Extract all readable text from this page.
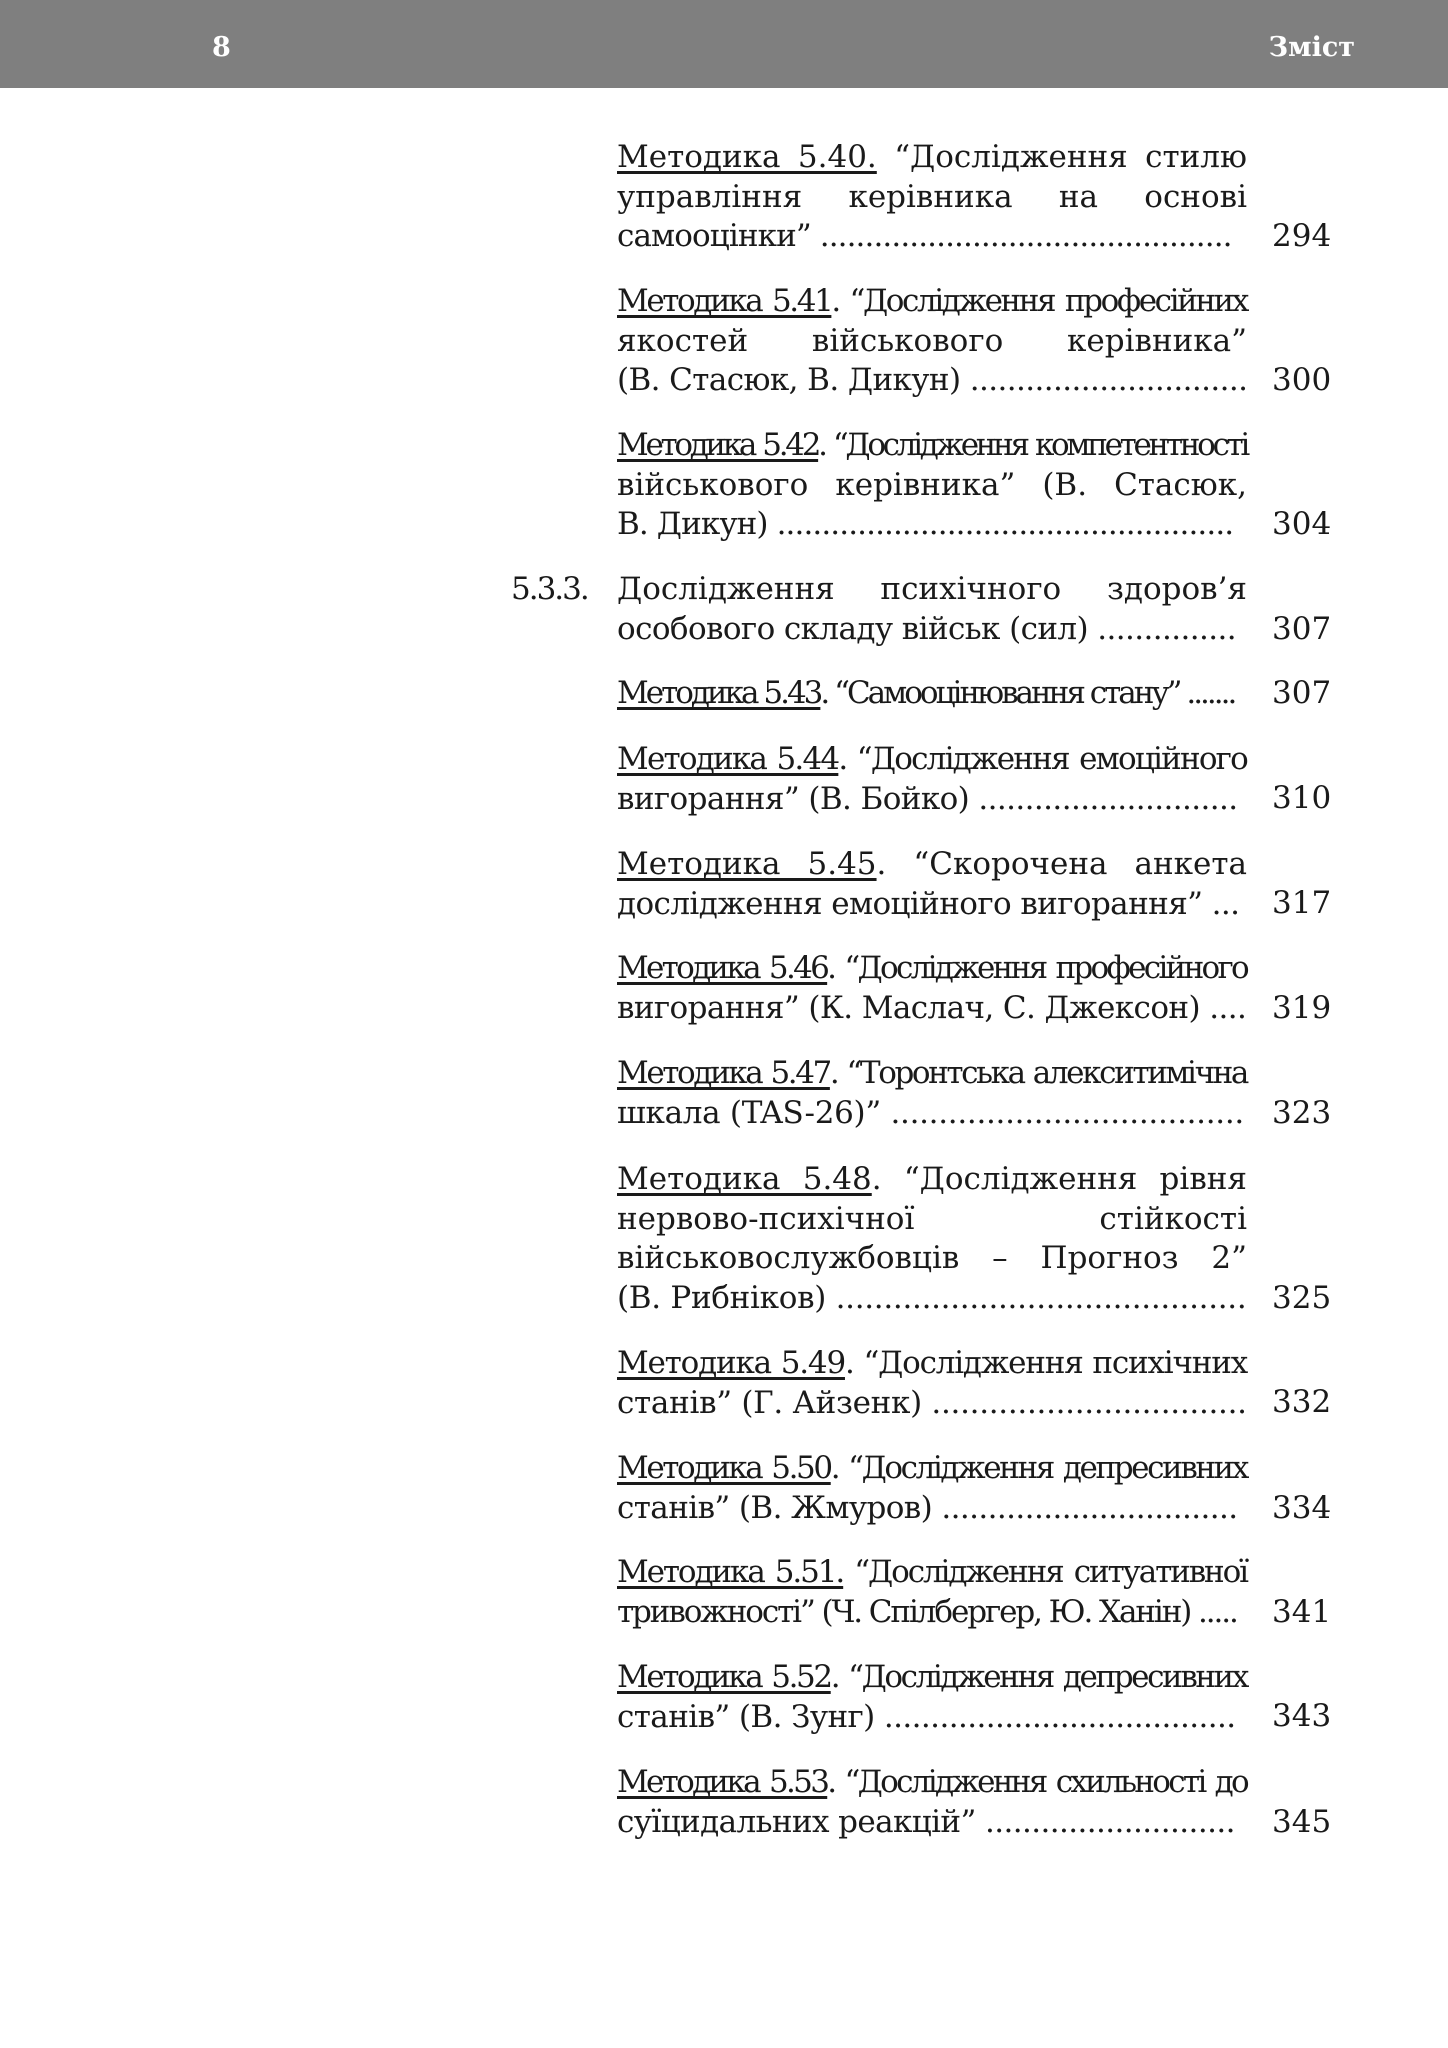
8	Зміст
Методика 5.40. “Дослідження стилю
управління керівника на основі
самооцінки” ..............................................	294
Методика 5.41. “Дослідження професійних
якостей військового керівника”
(В. Стасюк, В. Дикун) .............................. 300
Методика 5.42. “Дослідження компетентності
військового керівника” (В. Стасюк,
В. Дикун) ...................................................	304
5.3.3. Дослідження психічного здоров’я
особового складу військ (сил) ...............	307
Методика 5.43. “Самооцінювання стану” .......	307
Методика 5.44. “Дослідження емоційного
вигорання” (В. Бойко) ............................	310
Методика 5.45. “Скорочена анкета
дослідження емоційного вигорання” ... 317
Методика 5.46. “Дослідження професійного
вигорання” (К. Маслач, С. Джексон) .... 319
Методика 5.47. “Торонтська алекситимічна
шкала (TAS-26)” ..................................... 323
Методика 5.48. “Дослідження рівня
нервово-психічної стійкості
військовослужбовців – Прогноз 2”
(В. Рибніков) ........................................... 325
Методика 5.49. “Дослідження психічних
станів” (Г. Айзенк) ................................. 332
Методика 5.50. “Дослідження депресивних
станів” (В. Жмуров) ................................	334
Методика 5.51. “Дослідження ситуативної
тривожності” (Ч. Спілбергер, Ю. Ханін) .....	341
Методика 5.52. “Дослідження депресивних
станів” (В. Зунг) ......................................	343
Методика 5.53. “Дослідження схильності до
суїцидальних реакцій” ...........................	345
